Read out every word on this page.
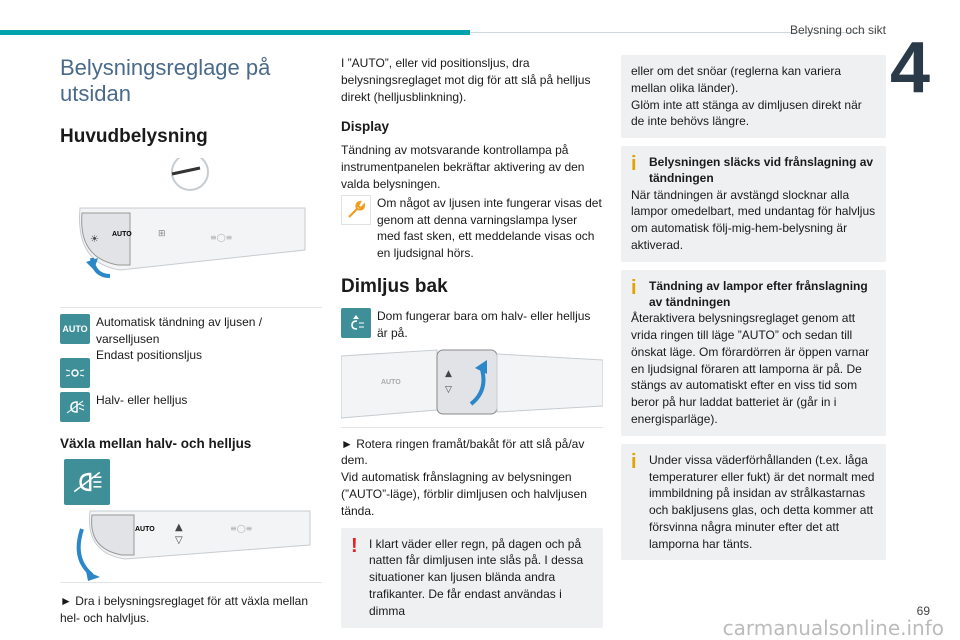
Belysning och sikt 4
Belysningsreglage på utsidan
Huvudbelysning
AUTO
☀	⊞	≡◯≡
AUTO Automatisk tändning av ljusen /
varselljusen
Endast positionsljus

Halv- eller helljus

Växla mellan halv- och helljus
AUTO ▲
▽
≡◯≡

► Dra i belysningsreglaget för att växla mellan hel- och halvljus.

I ”AUTO”, eller vid positionsljus, dra belysningsreglaget mot dig för att slå på helljus direkt (helljusblinkning).

Display

Tändning av motsvarande kontrollampa på instrumentpanelen bekräftar aktivering av den valda belysningen.

Om något av ljusen inte fungerar visas det genom att denna varningslampa lyser med fast sken, ett meddelande visas och en ljudsignal hörs.

Dimljus bak

Dom fungerar bara om halv- eller helljus är på.

AUTO
▲
▽

► Rotera ringen framåt/bakåt för att slå på/av dem.

Vid automatisk frånslagning av belysningen (”AUTO”-läge), förblir dimljusen och halvljusen tända.

! I klart väder eller regn, på dagen och på natten får dimljusen inte slås på. I dessa situationer kan ljusen blända andra trafikanter. De får endast användas i dimma

eller om det snöar (reglerna kan variera mellan olika länder).

Glöm inte att stänga av dimljusen direkt när de inte behövs längre.

i	Belysningen släcks vid frånslagning av tändningen

När tändningen är avstängd slocknar alla lampor omedelbart, med undantag för halvljus om automatisk följ-mig-hem-belysning är aktiverad.

i	Tändning av lampor efter frånslagning av tändningen

Återaktivera belysningsreglaget genom att vrida ringen till läge ”AUTO” och sedan till önskat läge. Om förardörren är öppen varnar en ljudsignal föraren att lamporna är på. De stängs av automatiskt efter en viss tid som beror på hur laddat batteriet är (går in i energisparläge).

i	Under vissa väderförhållanden (t.ex. låga temperaturer eller fukt) är det normalt med immbildning på insidan av strålkastarnas och bakljusens glas, och detta kommer att försvinna några minuter efter det att lamporna har tänts.

69
carmanualsonline.info
